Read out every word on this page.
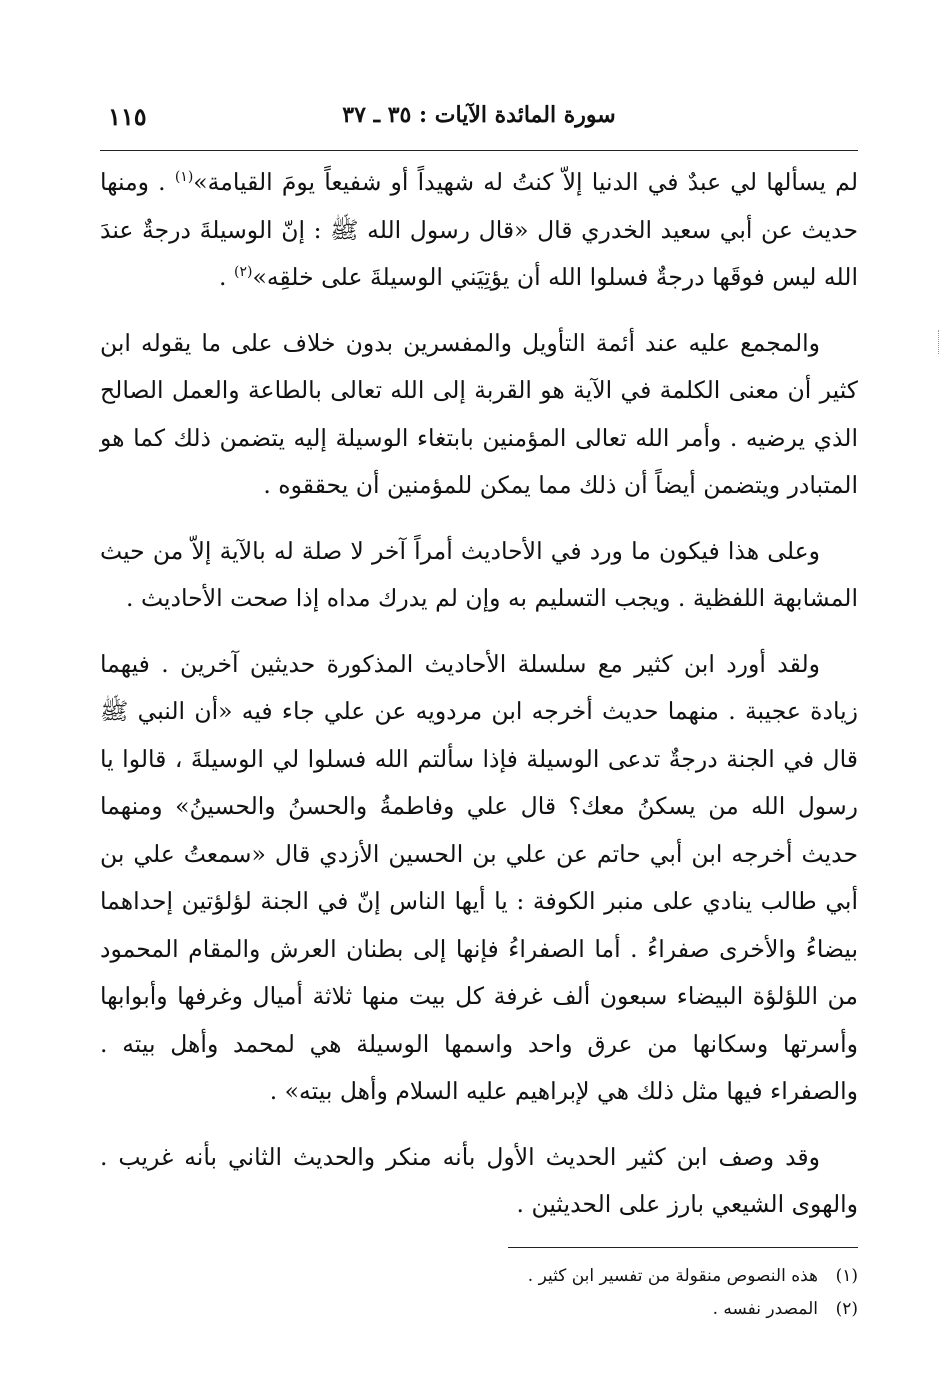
سورة المائدة الآيات : ٣٥ ـ ٣٧
١١٥

لم يسألها لي عبدٌ في الدنيا إلاّ كنتُ له شهيداً أو شفيعاً يومَ القيامة»$^{(١)}$ . ومنها حديث عن أبي سعيد الخدري قال «قال رسول الله ﷺ : إنّ الوسيلةَ درجةٌ عندَ الله ليس فوقَها درجةٌ فسلوا الله أن يؤتِيَني الوسيلةَ على خلقِه»$^{(٢)}$ .

والمجمع عليه عند أئمة التأويل والمفسرين بدون خلاف على ما يقوله ابن كثير أن معنى الكلمة في الآية هو القربة إلى الله تعالى بالطاعة والعمل الصالح الذي يرضيه . وأمر الله تعالى المؤمنين بابتغاء الوسيلة إليه يتضمن ذلك كما هو المتبادر ويتضمن أيضاً أن ذلك مما يمكن للمؤمنين أن يحققوه .

وعلى هذا فيكون ما ورد في الأحاديث أمراً آخر لا صلة له بالآية إلاّ من حيث المشابهة اللفظية . ويجب التسليم به وإن لم يدرك مداه إذا صحت الأحاديث .

ولقد أورد ابن كثير مع سلسلة الأحاديث المذكورة حديثين آخرين . فيهما زيادة عجيبة . منهما حديث أخرجه ابن مردويه عن علي جاء فيه «أن النبي ﷺ قال في الجنة درجةٌ تدعى الوسيلة فإذا سألتم الله فسلوا لي الوسيلةَ ، قالوا يا رسول الله من يسكنُ معك؟ قال علي وفاطمةُ والحسنُ والحسينُ» ومنهما حديث أخرجه ابن أبي حاتم عن علي بن الحسين الأزدي قال «سمعتُ علي بن أبي طالب ينادي على منبر الكوفة : يا أيها الناس إنّ في الجنة لؤلؤتين إحداهما بيضاءُ والأخرى صفراءُ . أما الصفراءُ فإنها إلى بطنان العرش والمقام المحمود من اللؤلؤة البيضاء سبعون ألف غرفة كل بيت منها ثلاثة أميال وغرفها وأبوابها وأسرتها وسكانها من عرق واحد واسمها الوسيلة هي لمحمد وأهل بيته . والصفراء فيها مثل ذلك هي لإبراهيم عليه السلام وأهل بيته» .

وقد وصف ابن كثير الحديث الأول بأنه منكر والحديث الثاني بأنه غريب . والهوى الشيعي بارز على الحديثين .

(١)
هذه النصوص منقولة من تفسير ابن كثير .
(٢)
المصدر نفسه .
